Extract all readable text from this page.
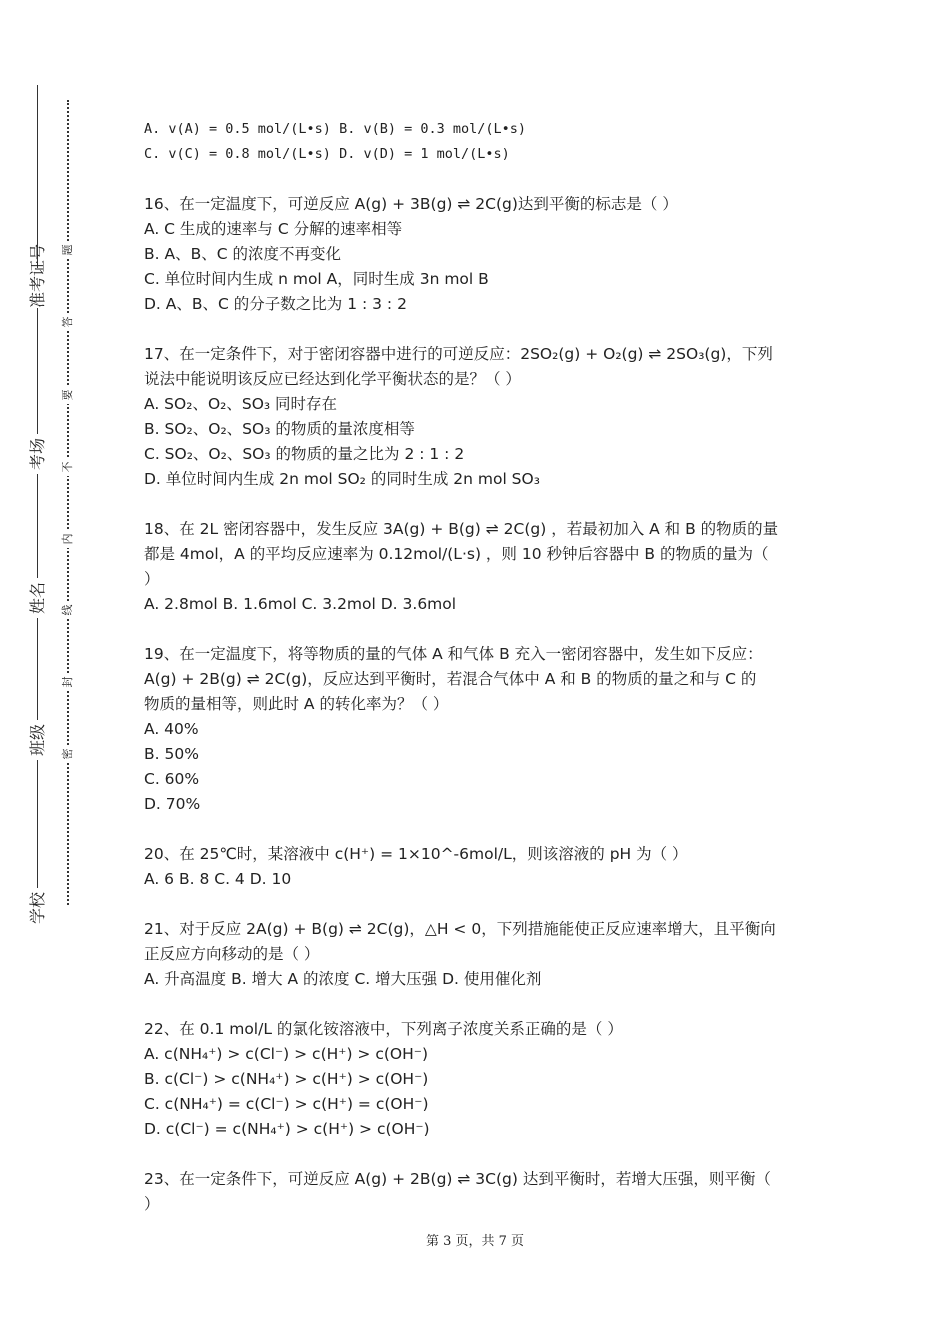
准考证号
考场
姓名
班级
学校
题
答
要
不
内
线
封
密
A. v(A) = 0.5 mol/(L•s) B. v(B) = 0.3 mol/(L•s)
C. v(C) = 0.8 mol/(L•s) D. v(D) = 1 mol/(L•s)
16、在一定温度下，可逆反应 A(g) + 3B(g) ⇌ 2C(g)达到平衡的标志是（ ）
A. C 生成的速率与 C 分解的速率相等
B. A、B、C 的浓度不再变化
C. 单位时间内生成 n mol A，同时生成 3n mol B
D. A、B、C 的分子数之比为 1 : 3 : 2
17、在一定条件下，对于密闭容器中进行的可逆反应：2SO₂(g) + O₂(g) ⇌ 2SO₃(g)，下列
说法中能说明该反应已经达到化学平衡状态的是？（ ）
A. SO₂、O₂、SO₃ 同时存在
B. SO₂、O₂、SO₃ 的物质的量浓度相等
C. SO₂、O₂、SO₃ 的物质的量之比为 2 : 1 : 2
D. 单位时间内生成 2n mol SO₂ 的同时生成 2n mol SO₃
18、在 2L 密闭容器中，发生反应 3A(g) + B(g) ⇌ 2C(g) ，若最初加入 A 和 B 的物质的量
都是 4mol，A 的平均反应速率为 0.12mol/(L·s) ，则 10 秒钟后容器中 B 的物质的量为（
）
A. 2.8mol B. 1.6mol C. 3.2mol D. 3.6mol
19、在一定温度下，将等物质的量的气体 A 和气体 B 充入一密闭容器中，发生如下反应：
A(g) + 2B(g) ⇌ 2C(g)，反应达到平衡时，若混合气体中 A 和 B 的物质的量之和与 C 的
物质的量相等，则此时 A 的转化率为？（ ）
A. 40%
B. 50%
C. 60%
D. 70%
20、在 25℃时，某溶液中 c(H⁺) = 1×10^-6mol/L，则该溶液的 pH 为（ ）
A. 6 B. 8 C. 4 D. 10
21、对于反应 2A(g) + B(g) ⇌ 2C(g)，△H < 0，下列措施能使正反应速率增大，且平衡向
正反应方向移动的是（ ）
A. 升高温度 B. 增大 A 的浓度 C. 增大压强 D. 使用催化剂
22、在 0.1 mol/L 的氯化铵溶液中，下列离子浓度关系正确的是（ ）
A. c(NH₄⁺) > c(Cl⁻) > c(H⁺) > c(OH⁻)
B. c(Cl⁻) > c(NH₄⁺) > c(H⁺) > c(OH⁻)
C. c(NH₄⁺) = c(Cl⁻) > c(H⁺) = c(OH⁻)
D. c(Cl⁻) = c(NH₄⁺) > c(H⁺) > c(OH⁻)
23、在一定条件下，可逆反应 A(g) + 2B(g) ⇌ 3C(g) 达到平衡时，若增大压强，则平衡（
）
第 3 页，共 7 页
